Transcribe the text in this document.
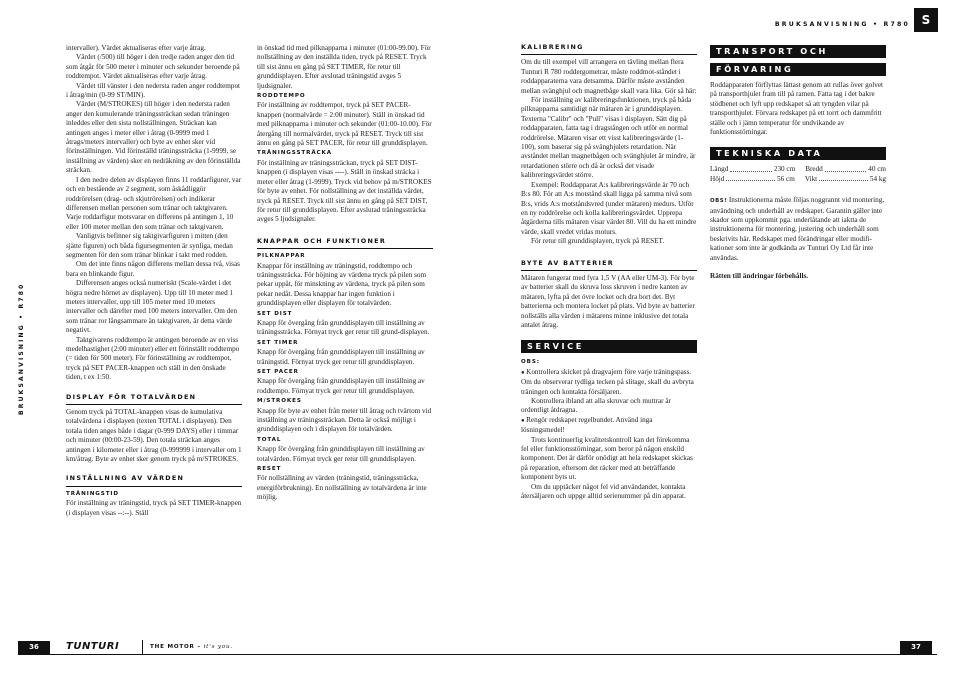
BRUKSANVISNING • R780

intervaller). Värdet aktualiseras efter varje åtrag.

Värdet (/500) till höger i den tredje raden anger den tid som åtgår för 500 meter i minuter och sekunder beroende på roddtempot. Värdet aktualiseras efter varje åtrag.

Värdet till vänster i den nedersta raden anger roddtempot i åtrag/min (0-99 ST/MIN).

Värdet (M/STROKES) till höger i den nedersta raden anger den kumulerande träningssträckan sedan träningen inleddes eller den sista nollställningen. Sträckan kan antingen anges i meter eller i åtrag (0-9999 med 1 åtrags/meters intervaller) och byte av enhet sker vid förinställningen. Vid förinställd träningssträcka (1-9999, se inställning av värden) sker en nedräkning av den förinställda sträckan.

I den nedre delen av displayen finns 11 roddarfigurer, var och en bestående av 2 segment, som åskådliggör roddrörelsen (drag- och skjutrörelsen) och indikerar differensen mellan personen som tränar och taktgivaren. Varje roddarfigur motsvarar en differens på antingen 1, 10 eller 100 meter mellan den som tränar och taktgivaren.

Vanligtvis befinner sig taktgivarfiguren i mitten (den sjätte figuren) och båda figursegmenten är synliga, medan segmenten för den som tränar blinkar i takt med rodden.

Om det inte finns någon differens mellan dessa två, visas bara en blinkande figur.

Differensen anges också numeriskt (Scale-värdet i det högra nedre hörnet av displayen). Upp till 10 meter med 1 meters intervaller, upp till 105 meter med 10 meters intervaller och därefter med 100 meters intervaller. Om den som tränar ror långsammare än taktgivaren, är detta värde negativt.

Taktgivarens roddtempo är antingen beroende av en viss medelhastighet (2:00 minuter) eller ett förinställt roddtempo (= tiden för 500 meter). För förinställning av roddtempot, tryck på SET PACER-knappen och ställ in den önskade tiden, t ex 1:50.

DISPLAY FÖR TOTALVÄRDEN

Genom tryck på TOTAL-knappen visas de kumulativa totalvärdena i displayen (texten TOTAL i displayen). Den totala tiden anges både i dagar (0-999 DAYS) eller i timmar och minuter (00:00-23-59). Den totala sträckan anges antingen i kilometer eller i åtrag (0-999999 i intervaller om 1 km/åtrag. Byte av enhet sker genom tryck på m/STROKES.

INSTÄLLNING AV VÄRDEN
TRÄNINGSTID

För inställning av träningstid, tryck på SET TIMER-knappen (i displayen visas --:--). Ställ

in önskad tid med pilknapparna i minuter (01:00-99.00). För nollställning av den inställda tiden, tryck på RESET. Tryck till sist ännu en gång på SET TIMER, för retur till grunddisplayen. Efter avslutad träningstid avges 5 ljudsignaler.

RODDTEMPO

För inställning av roddtempot, tryck på SET PACER-knappen (normalvärde = 2:00 minuter). Ställ in önskad tid med pilknapparna i minuter och sekunder (01:00-10.00). För återgång till normalvärdet, tryck på RESET. Tryck till sist ännu en gång på SET PACER, för retur till grunddisplayen.

TRÄNINGSSTRÄCKA

För inställning av träningssträckan, tryck på SET DIST-knappen (i displayen visas ----). Ställ in önskad sträcka i meter eller åtrag (1-9999). Tryck vid behov på m/STROKES för byte av enhet. För nollställning av det inställda värdet, tryck på RESET. Tryck till sist ännu en gång på SET DIST, för retur till grunddisplayen. Efter avslutad träningssträcka avges 5 ljudsignaler.

KNAPPAR OCH FUNKTIONER
PILKNAPPAR

Knappar för inställning av träningstid, roddtempo och träningssträcka. För höjning av värdena tryck på pilen som pekar uppåt, för minskning av värdena, tryck på pilen som pekar nedåt. Dessa knappar har ingen funktion i grunddisplayen eller displayen för totalvärden.

SET DIST

Knapp för övergång från grunddisplayen till inställning av träningssträcka. Förnyat tryck ger retur till grund-displayen.

SET TIMER

Knapp för övergång från grunddisplayen till inställning av träningstid. Förnyat tryck ger retur till grunddisplayen.

SET PACER

Knapp för övergång från grunddisplayen till inställning av roddtempo. Förnyat tryck ger retur till grunddisplayen.

M/STROKES

Knapp för byte av enhet från meter till åtrag och tvärtom vid inställning av träningssträckan. Detta är också möjligt i grunddisplayen och i displayen för totalvärden.

TOTAL

Knapp för övergång från grunddisplayen till inställning av totalvärden. Förnyat tryck ger retur till grunddisplayen.

RESET

För nollställning av värden (träningstid, träningssträcka, energiförbrukning). En nollställning av totalvärdena är inte möjlig.

BRUKSANVISNING • R780 S
KALIBRERING

Om du till exempel vill arrangera en tävling mellan flera Tunturi R 780 roddergometrar, måste roddmot-ståndet i roddapparaterna vara detsamma. Därför måste avstånden mellan svänghjul och magnetbåge skall vara lika. Gör så här:

För inställning av kalibreringsfunktionen, tryck på båda pilknapparna samtidigt när mätaren är i grunddisplayen. Texterna "Calibr" och "Pull" visas i displayen. Sätt dig på roddapparaten, fatta tag i dragstången och utför en normal roddrörelse. Mätaren visar ett visst kalibreringsvärde (1-100), som baserar sig på svänghjulets retardation. När avståndet mellan magnetbågen och svänghjulet är mindre, är retardationen större och då är också det visade kalibreringsvärdet större.

Exempel: Roddapparat A:s kalibreringsvärde är 70 och B:s 80. För att A:s motstånd skall ligga på samma nivå som B:s, vrids A:s motståndsvred (under mätaren) medurs. Utför en ny roddrörelse och kolla kalibreringsvärdet. Upprepa åtgärderna tills mätaren visar värdet 80. Vill du ha ett mindre värde, skall vredet vridas moturs.

För retur till grunddisplayen, tryck på RESET.

BYTE AV BATTERIER

Mätaren fungerar med fyra 1,5 V (AA eller UM-3). För byte av batterier skall du skruva loss skruven i nedre kanten av mätaren, lyfta på det övre locket och dra bort det. Byt batterierna och montera locket på plats. Vid byte av batterier nollställs alla värden i mätarens minne inklusive det totala antalet åtrag.

SERVICE
OBS:

● Kontrollera skicket på dragvajern före varje träningspass. Om du observerar tydliga tecken på slitage, skall du avbryta träningen och kontakta försäljaren.

Kontrollera ibland att alla skruvar och muttrar är ordentligt åtdragna.

● Rengör redskapet regelbundet. Använd inga lösningsmedel!

Trots kontinuerlig kvalitetskontroll kan det förekomma fel eller funktionsstörningar, som beror på någon enskild komponent. Det är därför onödigt att hela redskapet skickas på reparation, eftersom det räcker med att beträffande komponent byts ut.

Om du upptäcker något fel vid användandet, kontakta återsäljaren och uppge alltid serienummer på din apparat.

TRANSPORT OCH
FÖRVARING

Roddapparaten förflyttas lättast genom att rullas över golvet på transporthjulet fram till på ramen. Fatta tag i det bakre stödbenet och lyft upp redskapet så att tyngden vilar på transporthjulet. Förvara redskapet på ett torrt och dammfritt ställe och i jämn temperatur för undvikande av funktionsstörningar.

TEKNISKA DATA
Längd	230 cm Bredd	40 cm
Höjd	56 cm Vikt	54 kg

OBS! Instruktionerna måste följas noggrannt vid montering, användning och underhåll av redskapet. Garantin gäller inte skador som uppkommit pga. underlåtande att iaktta de instruktionerna för montering, justering och underhåll som beskrivits här. Redskapet med förändringar eller modifi-kationer som inte är godkända av Tunturi Oy Ltd får inte användas.

Rätten till ändringar förbehålls.

36	TUNTURI	THE MOTOR – it's you.	37
